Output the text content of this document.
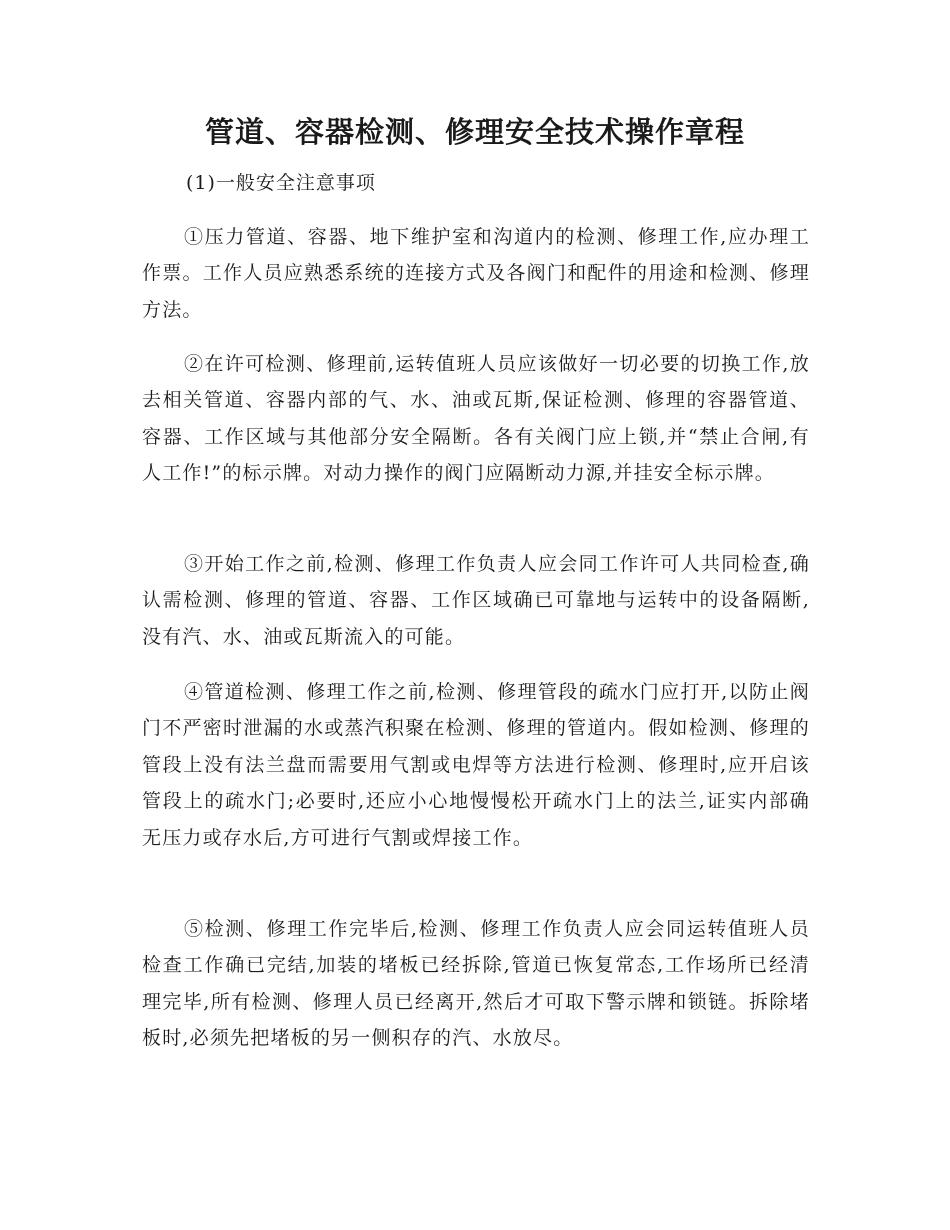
管道、容器检测、修理安全技术操作章程

(1)一般安全注意事项

①压力管道、容器、地下维护室和沟道内的检测、修理工作,应办理工作票。工作人员应熟悉系统的连接方式及各阀门和配件的用途和检测、修理方法。

②在许可检测、修理前,运转值班人员应该做好一切必要的切换工作,放去相关管道、容器内部的气、水、油或瓦斯,保证检测、修理的容器管道、容器、工作区域与其他部分安全隔断。各有关阀门应上锁,并“禁止合闸,有人工作!”的标示牌。对动力操作的阀门应隔断动力源,并挂安全标示牌。

③开始工作之前,检测、修理工作负责人应会同工作许可人共同检查,确认需检测、修理的管道、容器、工作区域确已可靠地与运转中的设备隔断,没有汽、水、油或瓦斯流入的可能。

④管道检测、修理工作之前,检测、修理管段的疏水门应打开,以防止阀门不严密时泄漏的水或蒸汽积聚在检测、修理的管道内。假如检测、修理的管段上没有法兰盘而需要用气割或电焊等方法进行检测、修理时,应开启该管段上的疏水门;必要时,还应小心地慢慢松开疏水门上的法兰,证实内部确无压力或存水后,方可进行气割或焊接工作。

⑤检测、修理工作完毕后,检测、修理工作负责人应会同运转值班人员检查工作确已完结,加装的堵板已经拆除,管道已恢复常态,工作场所已经清理完毕,所有检测、修理人员已经离开,然后才可取下警示牌和锁链。拆除堵板时,必须先把堵板的另一侧积存的汽、水放尽。
